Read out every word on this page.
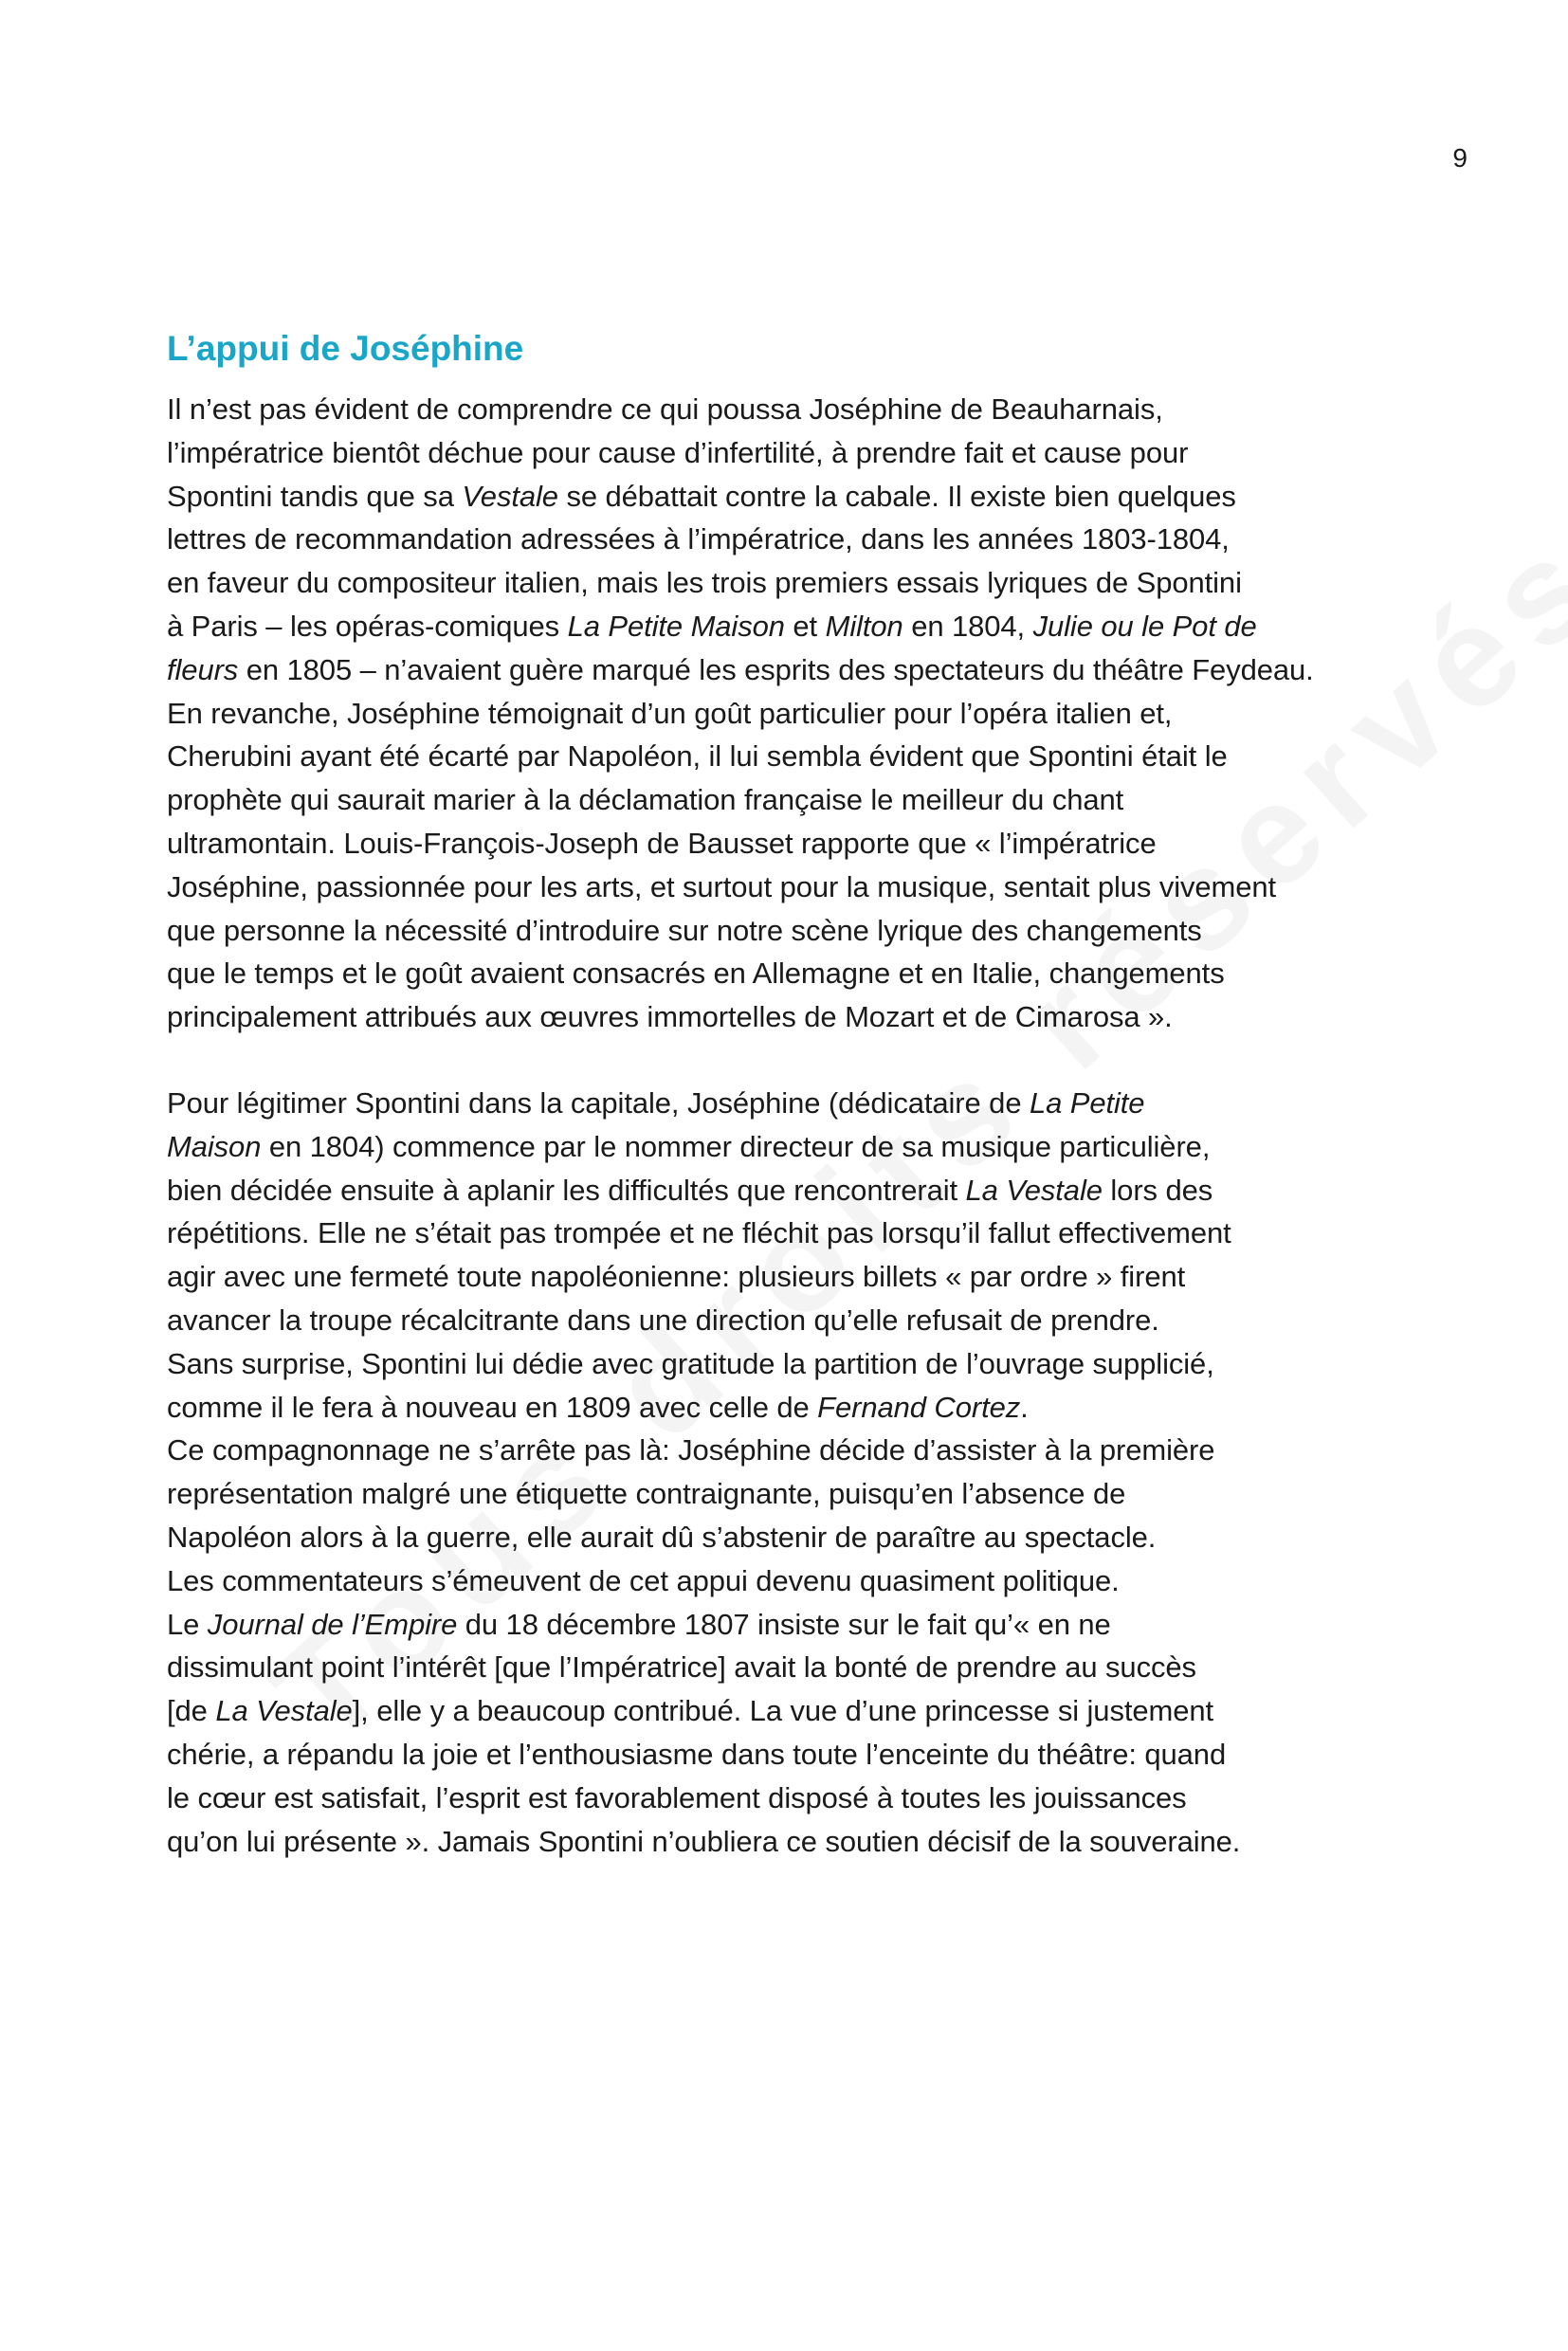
9
L’appui de Joséphine

Il n’est pas évident de comprendre ce qui poussa Joséphine de Beauharnais,
l’impératrice bientôt déchue pour cause d’infertilité, à prendre fait et cause pour
Spontini tandis que sa Vestale se débattait contre la cabale. Il existe bien quelques
lettres de recommandation adressées à l’impératrice, dans les années 1803-1804,
en faveur du compositeur italien, mais les trois premiers essais lyriques de Spontini
à Paris – les opéras-comiques La Petite Maison et Milton en 1804, Julie ou le Pot de
fleurs en 1805 – n’avaient guère marqué les esprits des spectateurs du théâtre Feydeau.
En revanche, Joséphine témoignait d’un goût particulier pour l’opéra italien et,
Cherubini ayant été écarté par Napoléon, il lui sembla évident que Spontini était le
prophète qui saurait marier à la déclamation française le meilleur du chant
ultramontain. Louis-François-Joseph de Bausset rapporte que « l’impératrice
Joséphine, passionnée pour les arts, et surtout pour la musique, sentait plus vivement
que personne la nécessité d’introduire sur notre scène lyrique des changements
que le temps et le goût avaient consacrés en Allemagne et en Italie, changements
principalement attribués aux œuvres immortelles de Mozart et de Cimarosa ».

Pour légitimer Spontini dans la capitale, Joséphine (dédicataire de La Petite
Maison en 1804) commence par le nommer directeur de sa musique particulière,
bien décidée ensuite à aplanir les difficultés que rencontrerait La Vestale lors des
répétitions. Elle ne s’était pas trompée et ne fléchit pas lorsqu’il fallut effectivement
agir avec une fermeté toute napoléonienne: plusieurs billets « par ordre » firent
avancer la troupe récalcitrante dans une direction qu’elle refusait de prendre.
Sans surprise, Spontini lui dédie avec gratitude la partition de l’ouvrage supplicié,
comme il le fera à nouveau en 1809 avec celle de Fernand Cortez.
Ce compagnonnage ne s’arrête pas là: Joséphine décide d’assister à la première
représentation malgré une étiquette contraignante, puisqu’en l’absence de
Napoléon alors à la guerre, elle aurait dû s’abstenir de paraître au spectacle.
Les commentateurs s’émeuvent de cet appui devenu quasiment politique.
Le Journal de l’Empire du 18 décembre 1807 insiste sur le fait qu’« en ne
dissimulant point l’intérêt [que l’Impératrice] avait la bonté de prendre au succès
[de La Vestale], elle y a beaucoup contribué. La vue d’une princesse si justement
chérie, a répandu la joie et l’enthousiasme dans toute l’enceinte du théâtre: quand
le cœur est satisfait, l’esprit est favorablement disposé à toutes les jouissances
qu’on lui présente ». Jamais Spontini n’oubliera ce soutien décisif de la souveraine.
